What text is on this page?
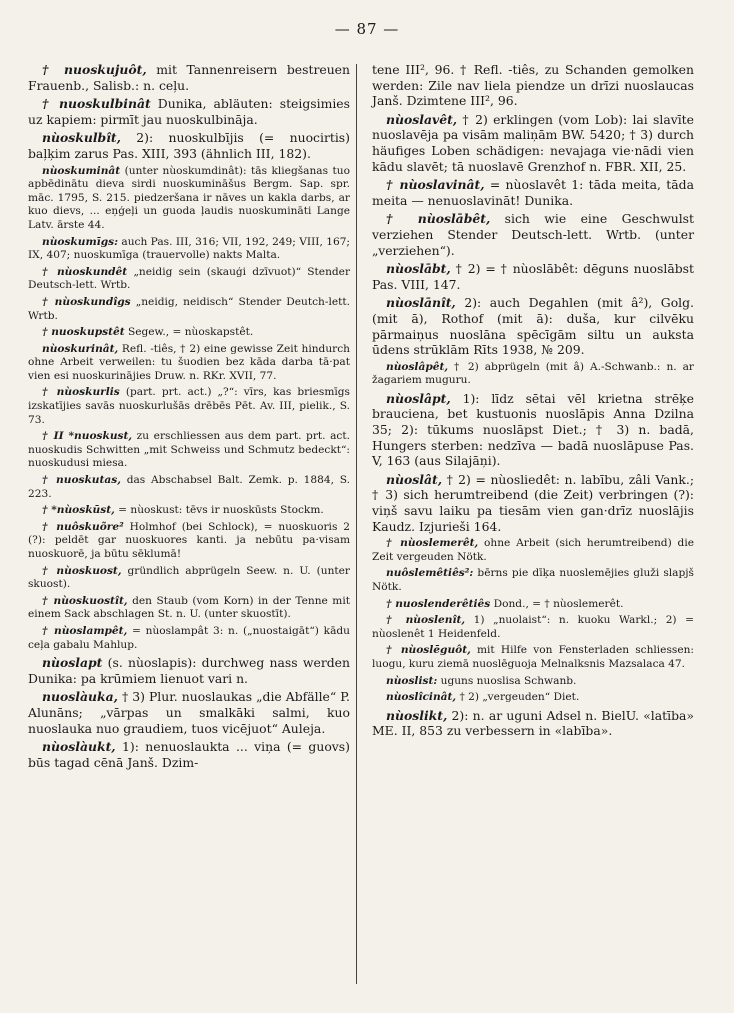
— 87 —

† nuoskujuôt, mit Tannenreisern bestreuen Frauenb., Salisb.: n. ceļu.

† nuoskulbinât Dunika, abläuten: steigsimies uz kapiem: pirmīt jau nuoskulbināja.

nùoskulbît, 2): nuoskulbījis (= nuocirtis) baļķim zarus Pas. XIII, 393 (ähnlich III, 182).

nùoskuminât (unter nùoskumdinât): tās kliegšanas tuo apbēdinātu dieva sirdi nuoskumināšus Bergm. Sap. spr. māc. 1795, S. 215. piedzeršana ir nāves un kakla darbs, ar kuo dievs, ... eņģeļi un guoda ļaudis nuoskumināti Lange Latv. ārste 44.

nùoskumīgs: auch Pas. III, 316; VII, 192, 249; VIII, 167; IX, 407; nuoskumīga (trauervolle) nakts Malta.

† nùoskundêt „neidig sein (skauģi dzīvuot)“ Stender Deutsch-lett. Wrtb.

† nùoskundîgs „neidig, neidisch“ Stender Deutch-lett. Wrtb.

† nuoskupstêt Segew., = nùoskapstêt.

nùoskurinât, Refl. -tiês, † 2) eine gewisse Zeit hindurch ohne Arbeit verweilen: tu šuodien bez kāda darba tā·pat vien esi nuoskurinājies Druw. n. RKr. XVII, 77.

† nùoskurlis (part. prt. act.) „?“: vīrs, kas briesmīgs izskatījies savās nuoskurlušās drēbēs Pēt. Av. III, pielik., S. 73.

† II *nuoskust, zu erschliessen aus dem part. prt. act. nuoskudis Schwitten „mit Schweiss und Schmutz bedeckt“: nuoskudusi miesa.

† nuoskutas, das Abschabsel Balt. Zemk. p. 1884, S. 223.

† *nùoskūst, = nùoskust: tēvs ir nuoskūsts Stockm.

† nuôskuõre² Holmhof (bei Schlock), = nuoskuoris 2 (?): peldēt gar nuoskuores kanti. ja nebūtu pa·visam nuoskuorē, ja būtu sēklumā!

† nùoskuost, gründlich abprügeln Seew. n. U. (unter skuost).

† nùoskuostît, den Staub (vom Korn) in der Tenne mit einem Sack abschlagen St. n. U. (unter skuostīt).

† nùoslampêt, = nùoslampât 3: n. („nuostaigāt“) kādu ceļa gabalu Mahlup.

nùoslapt (s. nùoslapis): durchweg nass werden Dunika: pa krūmiem lienuot vari n.

nuoslàuka, † 3) Plur. nuoslaukas „die Abfälle“ P. Alunāns; „vārpas un smalkāki salmi, kuo nuoslauka nuo graudiem, tuos vicējuot“ Auleja.

nùoslàukt, 1): nenuoslaukta ... viņa (= guovs) būs tagad cēnā Janš. Dzim-

tene III², 96. † Refl. -tiês, zu Schanden gemolken werden: Zile nav liela piendze un drīzi nuoslaucas Janš. Dzimtene III², 96.

nùoslavêt, † 2) erklingen (vom Lob): lai slavīte nuoslavēja pa visām maliņām BW. 5420; † 3) durch häufiges Loben schädigen: nevajaga vie·nādi vien kādu slavēt; tā nuoslavē Grenzhof n. FBR. XII, 25.

† nùoslavinât, = nùoslavêt 1: tāda meita, tāda meita — nenuoslavināt! Dunika.

† nùoslābêt, sich wie eine Geschwulst verziehen Stender Deutsch-lett. Wrtb. (unter „verziehen“).

nùoslābt, † 2) = † nùoslābêt: dēguns nuoslābst Pas. VIII, 147.

nùoslānît, 2): auch Degahlen (mit â²), Golg. (mit ā), Rothof (mit ā): duša, kur cilvēku pārmaiņus nuoslāna spēcīgām siltu un auksta ūdens strūklām Rīts 1938, № 209.

nùoslâpêt, † 2) abprügeln (mit â) A.-Schwanb.: n. ar žagariem muguru.

nùoslâpt, 1): līdz sētai vēl krietna strēķe brauciena, bet kustuonis nuoslāpis Anna Dzilna 35; 2): tūkums nuoslāpst Diet.; † 3) n. badā, Hungers sterben: nedzīva — badā nuoslāpuse Pas. V, 163 (aus Silajāņi).

nùoslât, † 2) = nùosliedêt: n. labību, zâli Vank.; † 3) sich herumtreibend (die Zeit) verbringen (?): viņš savu laiku pa tiesām vien gan·drīz nuoslājis Kaudz. Izjurieši 164.

† nùoslemerêt, ohne Arbeit (sich herumtreibend) die Zeit vergeuden Nötk.

nuôslemêtiês²: bērns pie dīķa nuoslemējies gluži slapjš Nötk.

† nuoslenderêtiês Dond., = † nùoslemerêt.

† nùoslenît, 1) „nuolaist“: n. kuoku Warkl.; 2) = nùoslenêt 1 Heidenfeld.

† nùoslēguôt, mit Hilfe von Fensterladen schliessen: luogu, kuru ziemā nuoslēguoja Melnalksnis Mazsalaca 47.

nùoslist: uguns nuoslisa Schwanb.

nùoslîcinât, † 2) „vergeuden“ Diet.

nùoslikt, 2): n. ar uguni Adsel n. BielU. «latība» ME. II, 853 zu verbessern in «labība».
